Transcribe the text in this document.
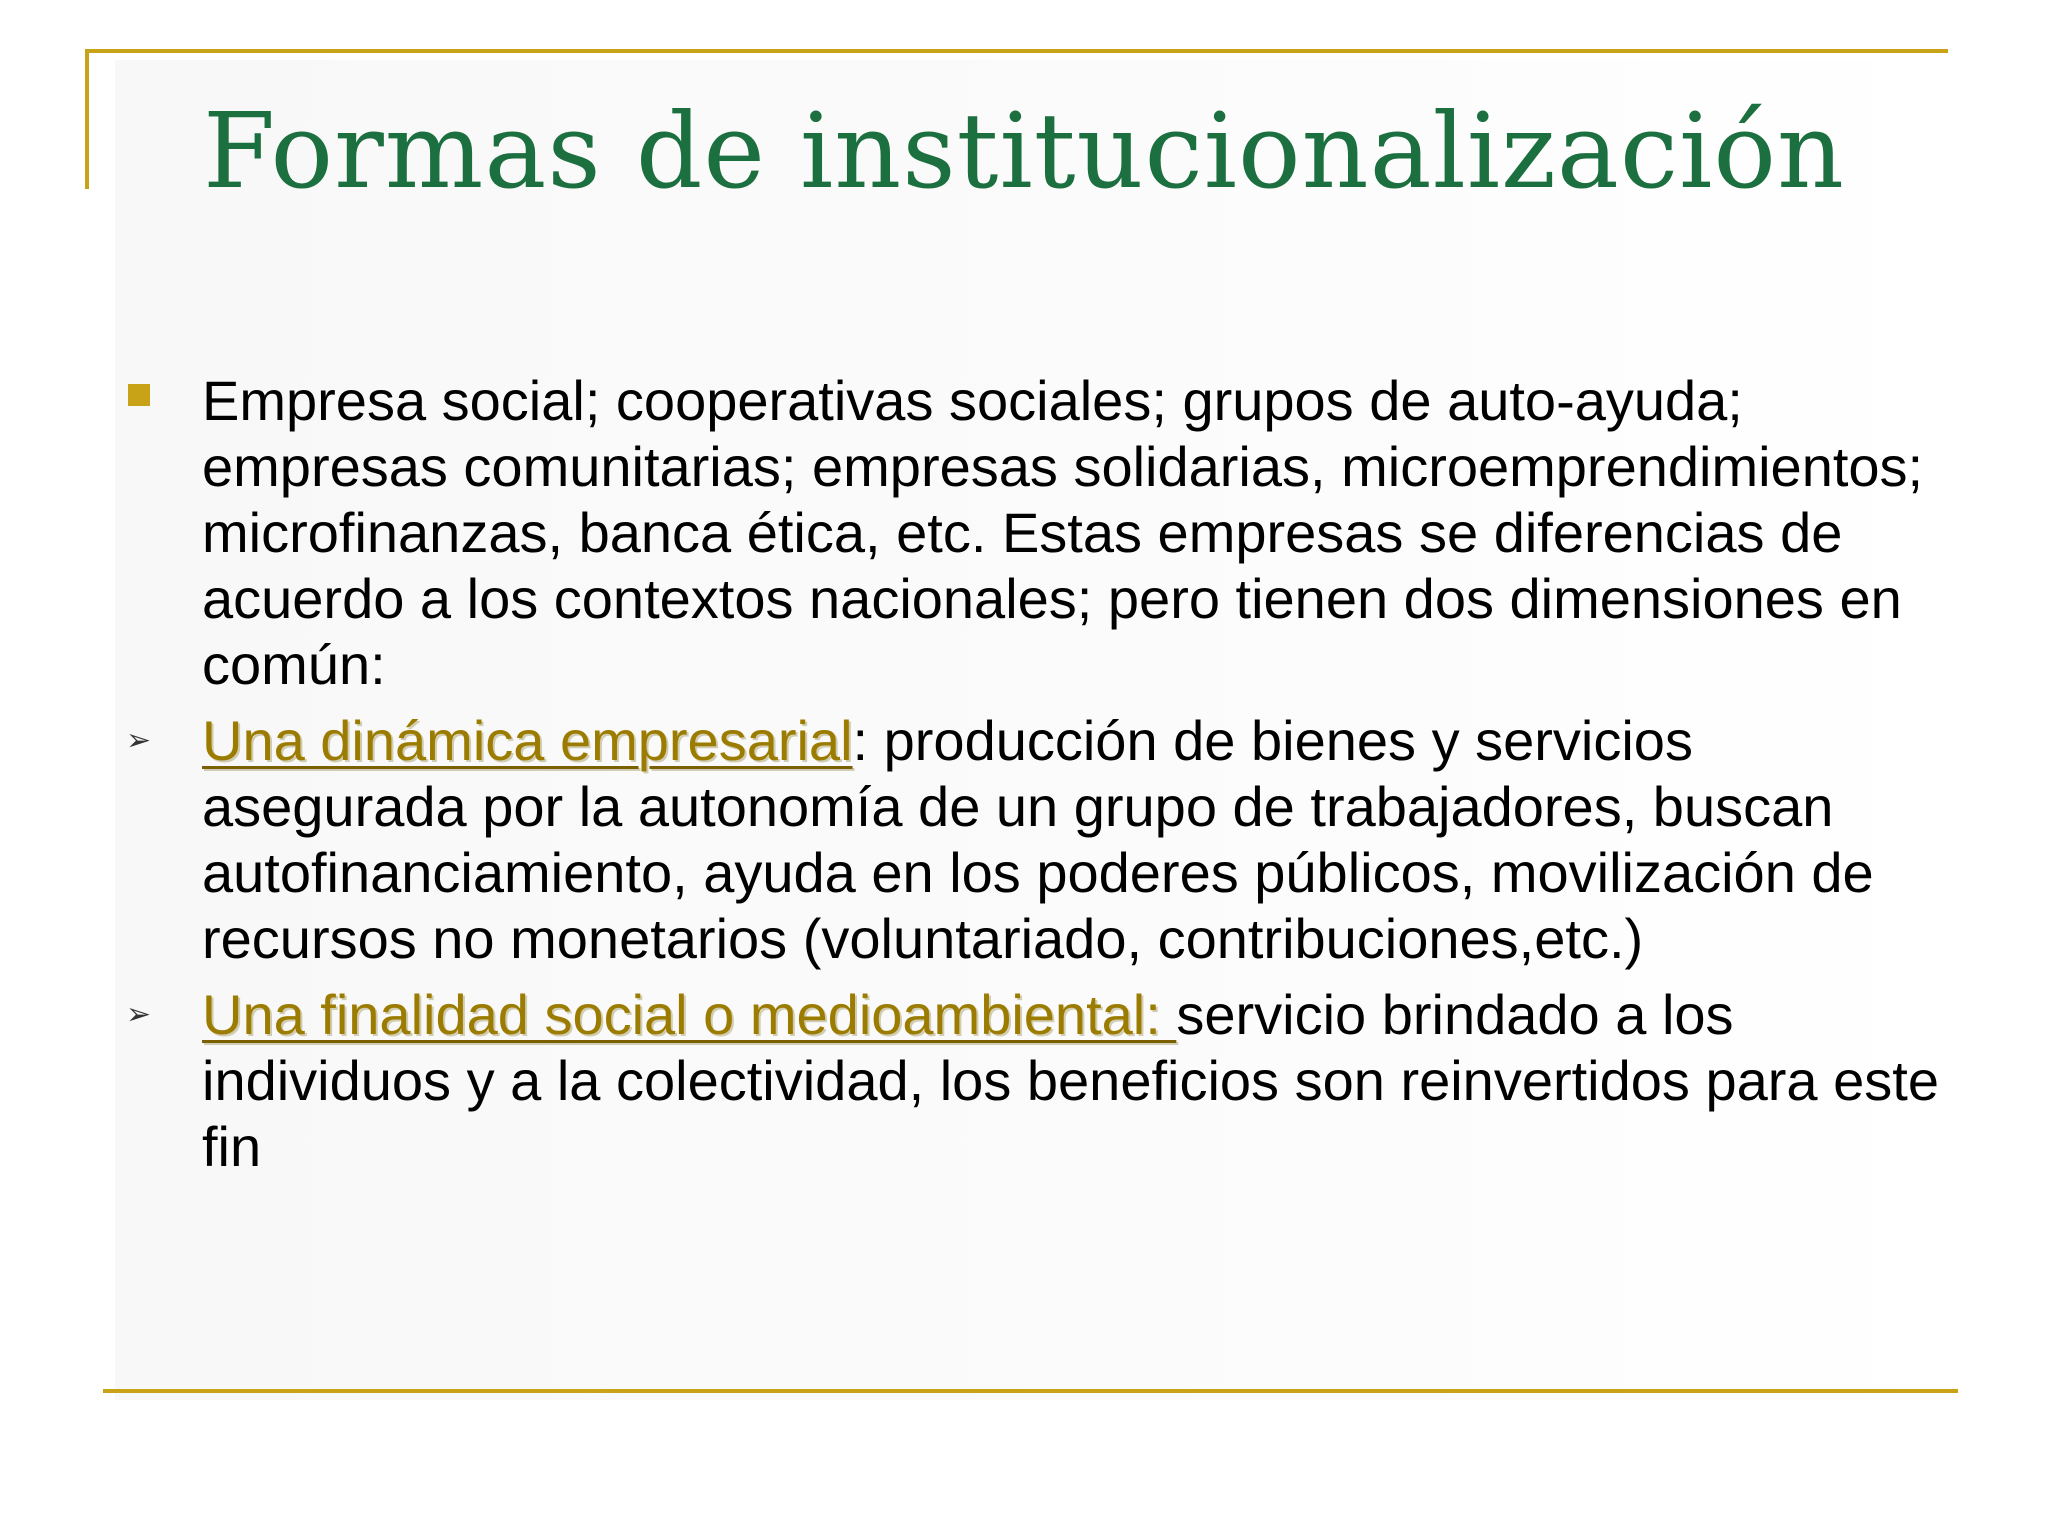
Formas de institucionalización
Empresa social; cooperativas sociales; grupos de auto-ayuda; empresas comunitarias; empresas solidarias, microemprendimientos; microfinanzas, banca ética, etc. Estas empresas se diferencias de acuerdo a los contextos nacionales; pero tienen dos dimensiones en común:
➢ Una dinámica empresarial: producción de bienes y servicios asegurada por la autonomía de un grupo de trabajadores, buscan autofinanciamiento, ayuda en los poderes públicos, movilización de recursos no monetarios (voluntariado, contribuciones,etc.)
➢ Una finalidad social o medioambiental: servicio brindado a los individuos y a la colectividad, los beneficios son reinvertidos para este fin
